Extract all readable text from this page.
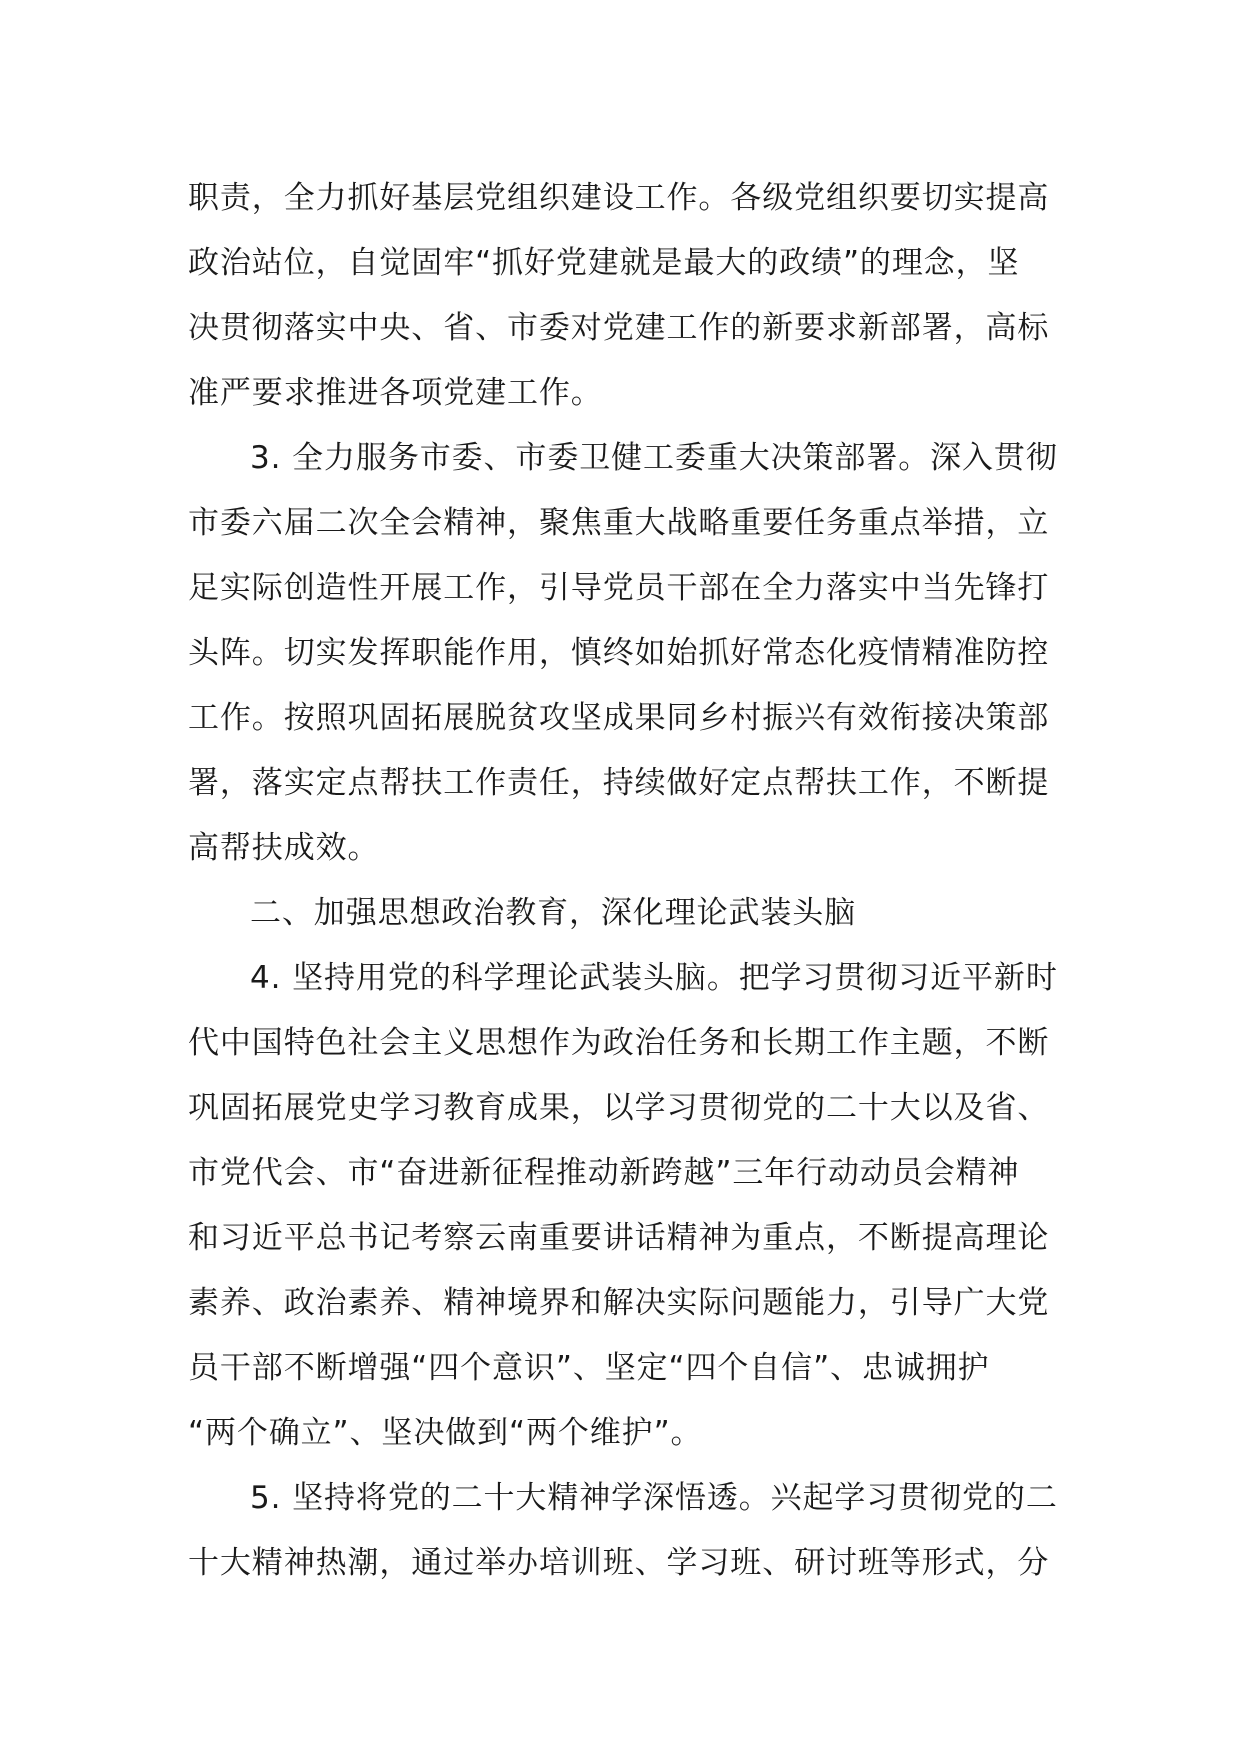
职责，全力抓好基层党组织建设工作。各级党组织要切实提高
政治站位，自觉固牢“抓好党建就是最大的政绩”的理念，坚
决贯彻落实中央、省、市委对党建工作的新要求新部署，高标
准严要求推进各项党建工作。
3. 全力服务市委、市委卫健工委重大决策部署。深入贯彻
市委六届二次全会精神，聚焦重大战略重要任务重点举措，立
足实际创造性开展工作，引导党员干部在全力落实中当先锋打
头阵。切实发挥职能作用，慎终如始抓好常态化疫情精准防控
工作。按照巩固拓展脱贫攻坚成果同乡村振兴有效衔接决策部
署，落实定点帮扶工作责任，持续做好定点帮扶工作，不断提
高帮扶成效。
二、加强思想政治教育，深化理论武装头脑
4. 坚持用党的科学理论武装头脑。把学习贯彻习近平新时
代中国特色社会主义思想作为政治任务和长期工作主题，不断
巩固拓展党史学习教育成果，以学习贯彻党的二十大以及省、
市党代会、市“奋进新征程推动新跨越”三年行动动员会精神
和习近平总书记考察云南重要讲话精神为重点，不断提高理论
素养、政治素养、精神境界和解决实际问题能力，引导广大党
员干部不断增强“四个意识”、坚定“四个自信”、忠诚拥护
“两个确立”、坚决做到“两个维护”。
5. 坚持将党的二十大精神学深悟透。兴起学习贯彻党的二
十大精神热潮，通过举办培训班、学习班、研讨班等形式，分
